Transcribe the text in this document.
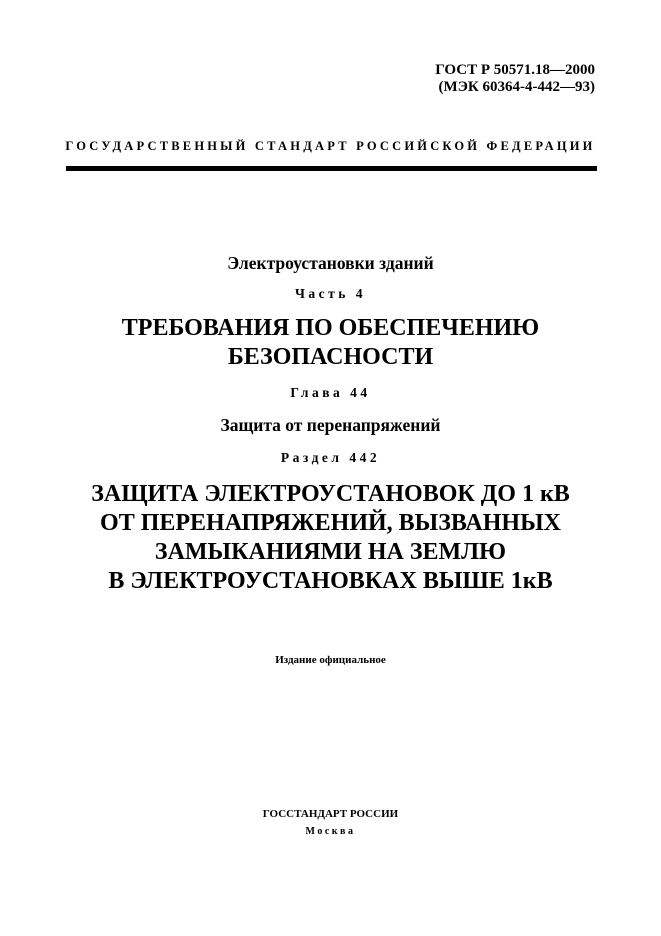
ГОСТ Р 50571.18—2000
(МЭК 60364-4-442—93)
ГОСУДАРСТВЕННЫЙ СТАНДАРТ РОССИЙСКОЙ ФЕДЕРАЦИИ

Электроустановки зданий

Часть 4

ТРЕБОВАНИЯ ПО ОБЕСПЕЧЕНИЮ
БЕЗОПАСНОСТИ

Глава 44

Защита от перенапряжений

Раздел 442

ЗАЩИТА ЭЛЕКТРОУСТАНОВОК ДО 1 кВ
ОТ ПЕРЕНАПРЯЖЕНИЙ, ВЫЗВАННЫХ
ЗАМЫКАНИЯМИ НА ЗЕМЛЮ
В ЭЛЕКТРОУСТАНОВКАХ ВЫШЕ 1кВ

Издание официальное

ГОССТАНДАРТ РОССИИ

Москва
